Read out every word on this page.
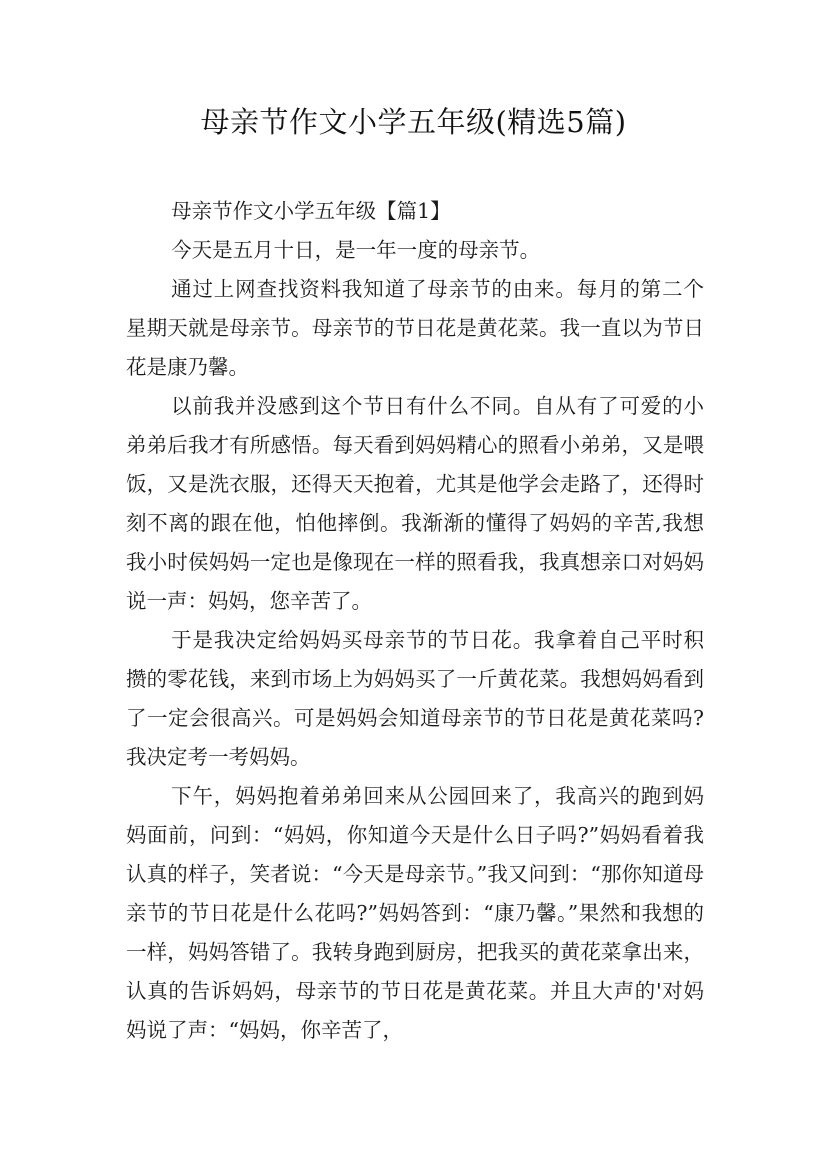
母亲节作文小学五年级(精选5篇)

母亲节作文小学五年级【篇1】

今天是五月十日，是一年一度的母亲节。

通过上网查找资料我知道了母亲节的由来。每月的第二个星期天就是母亲节。母亲节的节日花是黄花菜。我一直以为节日花是康乃馨。

以前我并没感到这个节日有什么不同。自从有了可爱的小弟弟后我才有所感悟。每天看到妈妈精心的照看小弟弟，又是喂饭，又是洗衣服，还得天天抱着，尤其是他学会走路了，还得时刻不离的跟在他，怕他摔倒。我渐渐的懂得了妈妈的辛苦,我想我小时侯妈妈一定也是像现在一样的照看我，我真想亲口对妈妈说一声：妈妈，您辛苦了。

于是我决定给妈妈买母亲节的节日花。我拿着自己平时积攒的零花钱，来到市场上为妈妈买了一斤黄花菜。我想妈妈看到了一定会很高兴。可是妈妈会知道母亲节的节日花是黄花菜吗?我决定考一考妈妈。

下午，妈妈抱着弟弟回来从公园回来了，我高兴的跑到妈妈面前，问到：“妈妈，你知道今天是什么日子吗?”妈妈看着我认真的样子，笑者说：“今天是母亲节。”我又问到：“那你知道母亲节的节日花是什么花吗?”妈妈答到：“康乃馨。”果然和我想的一样，妈妈答错了。我转身跑到厨房，把我买的黄花菜拿出来，认真的告诉妈妈，母亲节的节日花是黄花菜。并且大声的'对妈妈说了声：“妈妈，你辛苦了，
